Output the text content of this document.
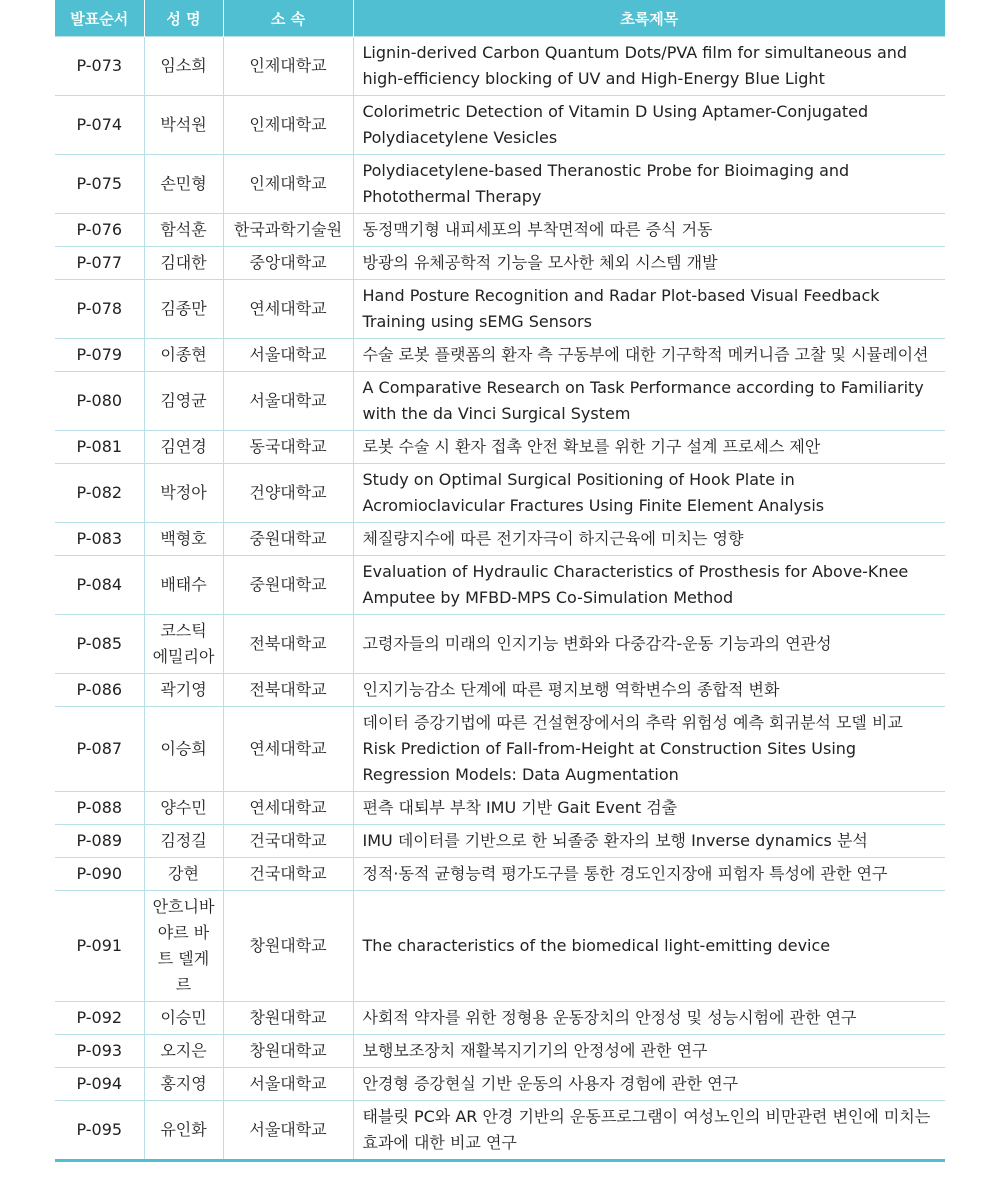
발표순서	성 명	소 속	초록제목
P-073	임소희	인제대학교	Lignin-derived Carbon Quantum Dots/PVA film for simultaneous and high-efficiency blocking of UV and High-Energy Blue Light
P-074	박석원	인제대학교	Colorimetric Detection of Vitamin D Using Aptamer-Conjugated Polydiacetylene Vesicles
P-075	손민형	인제대학교	Polydiacetylene-based Theranostic Probe for Bioimaging and Photothermal Therapy
P-076	함석훈	한국과학기술원	동정맥기형 내피세포의 부착면적에 따른 증식 거동
P-077	김대한	중앙대학교	방광의 유체공학적 기능을 모사한 체외 시스템 개발
P-078	김종만	연세대학교	Hand Posture Recognition and Radar Plot-based Visual Feedback Training using sEMG Sensors
P-079	이종현	서울대학교	수술 로봇 플랫폼의 환자 측 구동부에 대한 기구학적 메커니즘 고찰 및 시뮬레이션
P-080	김영균	서울대학교	A Comparative Research on Task Performance according to Familiarity with the da Vinci Surgical System
P-081	김연경	동국대학교	로봇 수술 시 환자 접촉 안전 확보를 위한 기구 설계 프로세스 제안
P-082	박정아	건양대학교	Study on Optimal Surgical Positioning of Hook Plate in Acromioclavicular Fractures Using Finite Element Analysis
P-083	백형호	중원대학교	체질량지수에 따른 전기자극이 하지근육에 미치는 영향
P-084	배태수	중원대학교	Evaluation of Hydraulic Characteristics of Prosthesis for Above-Knee Amputee by MFBD-MPS Co-Simulation Method
P-085	코스틱 에밀리아	전북대학교	고령자들의 미래의 인지기능 변화와 다중감각-운동 기능과의 연관성
P-086	곽기영	전북대학교	인지기능감소 단계에 따른 평지보행 역학변수의 종합적 변화
P-087	이승희	연세대학교	데이터 증강기법에 따른 건설현장에서의 추락 위험성 예측 회귀분석 모델 비교 Risk Prediction of Fall-from-Height at Construction Sites Using Regression Models: Data Augmentation
P-088	양수민	연세대학교	편측 대퇴부 부착 IMU 기반 Gait Event 검출
P-089	김정길	건국대학교	IMU 데이터를 기반으로 한 뇌졸중 환자의 보행 Inverse dynamics 분석
P-090	강현	건국대학교	정적·동적 균형능력 평가도구를 통한 경도인지장애 피험자 특성에 관한 연구
P-091	안흐니바 야르 바트 델게르	창원대학교	The characteristics of the biomedical light-emitting device
P-092	이승민	창원대학교	사회적 약자를 위한 정형용 운동장치의 안정성 및 성능시험에 관한 연구
P-093	오지은	창원대학교	보행보조장치 재활복지기기의 안정성에 관한 연구
P-094	홍지영	서울대학교	안경형 증강현실 기반 운동의 사용자 경험에 관한 연구
P-095	유인화	서울대학교	태블릿 PC와 AR 안경 기반의 운동프로그램이 여성노인의 비만관련 변인에 미치는 효과에 대한 비교 연구
